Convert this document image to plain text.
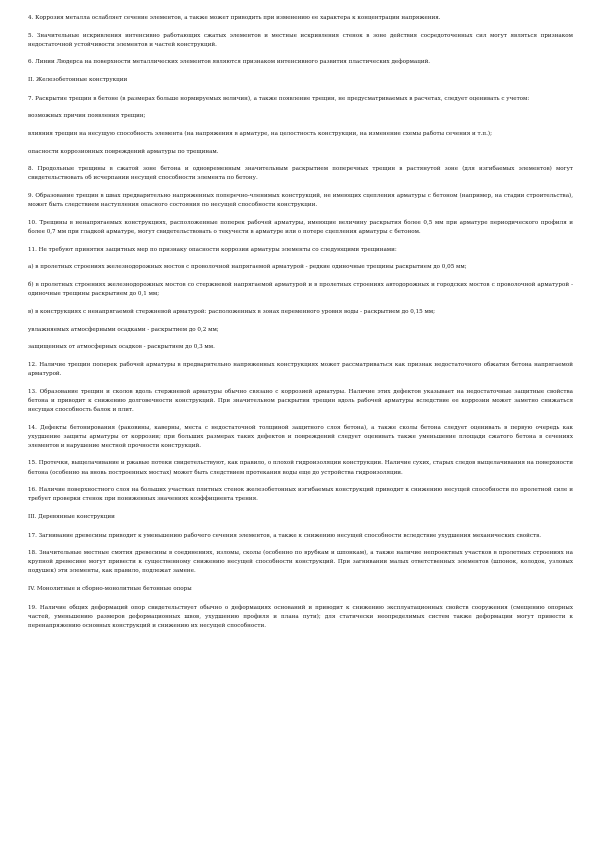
4. Коррозия металла ослабляет сечение элементов, а также может приводить при изменению ее характера к концентрации напряжения.

5. Значительные искривления интенсивно работающих сжатых элементов и местные искривления стенок в зоне действия сосредоточенных сил могут являться признаком недостаточной устойчивости элементов и частей конструкций.

6. Линии Людерса на поверхности металлических элементов являются признаком интенсивного развития пластических деформаций.

II. Железобетонные конструкции

7. Раскрытие трещин в бетоне (в размерах больше нормируемых величин), а также появление трещин, не предусматриваемых в расчетах, следует оценивать с учетом:

возможных причин появления трещин;

влияния трещин на несущую способность элемента (на напряжения в арматуре, на целостность конструкции, на изменение схемы работы сечения и т.п.);

опасности коррозионных повреждений арматуры по трещинам.

8. Продольные трещины в сжатой зоне бетона и одновременным значительным раскрытием поперечных трещин в растянутой зоне (для изгибаемых элементов) могут свидетельствовать об исчерпании несущей способности элемента по бетону.

9. Образование трещин в швах предварительно напряженных поперечно-членимых конструкций, не имеющих сцепления арматуры с бетоном (например, на стадии строительства), может быть следствием наступления опасного состояния по несущей способности конструкции.

10. Трещины в ненапрягаемых конструкциях, расположенные поперек рабочей арматуры, имеющие величину раскрытия более 0,5 мм при арматуре периодического профиля и более 0,7 мм при гладкой арматуре, могут свидетельствовать о текучести в арматуре или о потере сцепления арматуры с бетоном.

11. Не требуют принятия защитных мер по признаку опасности коррозии арматуры элементы со следующими трещинами:

а) в пролетных строениях железнодорожных мостов с проволочной напрягаемой арматурой - редкие одиночные трещины раскрытием до 0,05 мм;

б) в пролетных строениях железнодорожных мостов со стержневой напрягаемой арматурой и в пролетных строениях автодорожных и городских мостов с проволочной арматурой - одиночные трещины раскрытием до 0,1 мм;

в) в конструкциях с ненапрягаемой стержневой арматурой: расположенных в зонах переменного уровня воды - раскрытием до 0,15 мм;

увлажняемых атмосферными осадками - раскрытием до 0,2 мм;

защищенных от атмосферных осадков - раскрытием до 0,3 мм.

12. Наличие трещин поперек рабочей арматуры в предварительно напряженных конструкциях может рассматриваться как признак недостаточного обжатия бетона напрягаемой арматурой.

13. Образование трещин и сколов вдоль стержневой арматуры обычно связано с коррозией арматуры. Наличие этих дефектов указывает на недостаточные защитные свойства бетона и приводит к снижению долговечности конструкций. При значительном раскрытии трещин вдоль рабочей арматуры вследствие ее коррозии может заметно снижаться несущая способность балок и плит.

14. Дефекты бетонирования (раковины, каверны, места с недостаточной толщиной защитного слоя бетона), а также сколы бетона следует оценивать в первую очередь как ухудшение защиты арматуры от коррозии; при больших размерах таких дефектов и повреждений следует оценивать также уменьшение площади сжатого бетона в сечениях элементов и нарушение местной прочности конструкций.

15. Протечки, выщелачивание и ржавые потеки свидетельствуют, как правило, о плохой гидроизоляции конструкции. Наличие сухих, старых следов выщелачивания на поверхности бетона (особенно на вновь построенных мостах) может быть следствием протекания воды еще до устройства гидроизоляции.

16. Наличие поверхностного слоя на больших участках плитных стенок железобетонных изгибаемых конструкций приводит к снижению несущей способности по пролетной силе и требует проверки стенок при пониженных значениях коэффициента трения.

III. Деревянные конструкции

17. Загнивание древесины приводит к уменьшению рабочего сечения элементов, а также к снижению несущей способности вследствие ухудшения механических свойств.

18. Значительные местные смятия древесины в соединениях, изломы, сколы (особенно по врубкам и шпонкам), а также наличие непроектных участков в пролетных строениях на крупной древесине могут привести к существенному снижению несущей способности конструкций. При загнивании малых ответственных элементов (шпонок, колодок, узловых подушек) эти элементы, как правило, подлежат замене.

IV. Монолитные и сборно-монолитные бетонные опоры

19. Наличие общих деформаций опор свидетельствует обычно о деформациях оснований и приводит к снижению эксплуатационных свойств сооружения (смещению опорных частей, уменьшению размеров деформационных швов, ухудшению профиля и плана пути); для статически неопределимых систем также деформации могут привести к перенапряжению основных конструкций и снижению их несущей способности.
